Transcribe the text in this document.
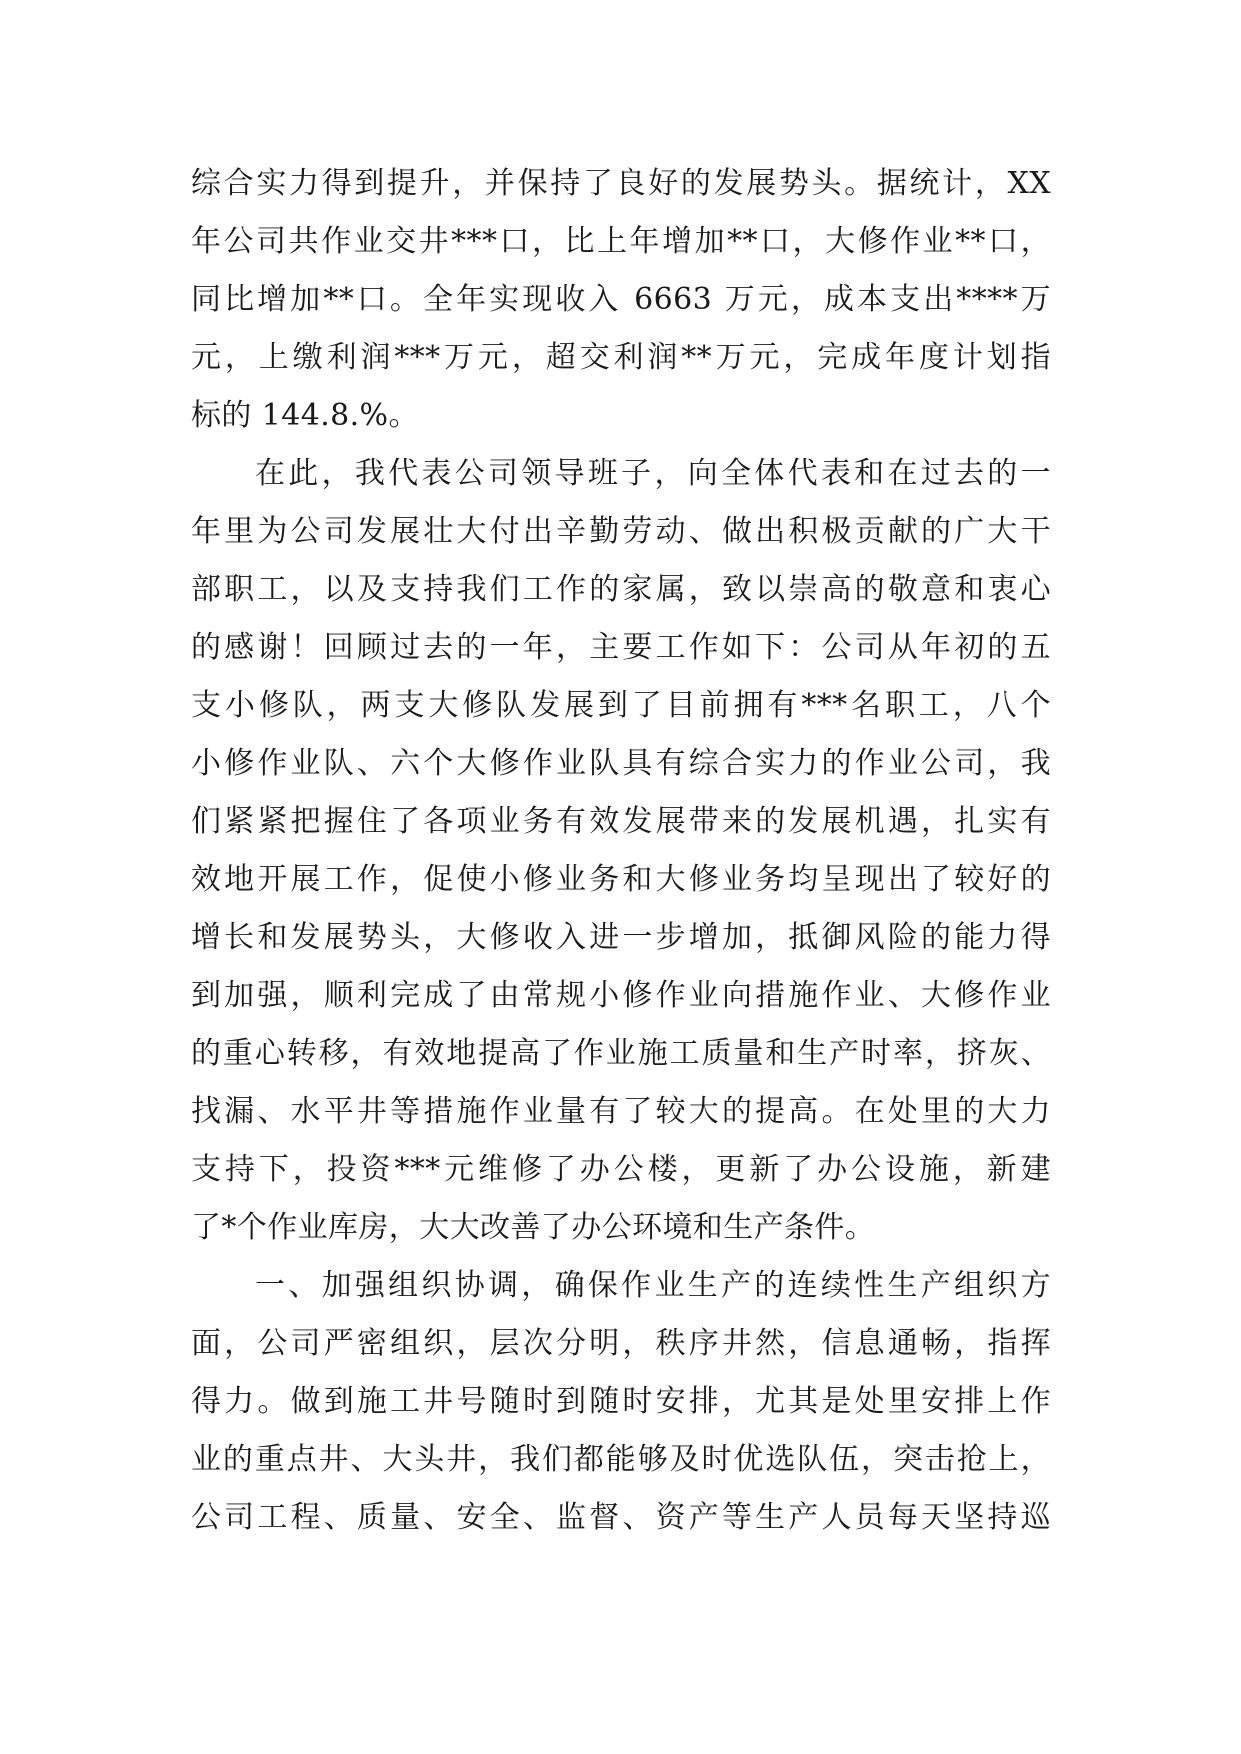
综合实力得到提升，并保持了良好的发展势头。据统计，XX
年公司共作业交井***口，比上年增加**口，大修作业**口，
同比增加**口。全年实现收入 6663 万元，成本支出****万
元，上缴利润***万元，超交利润**万元，完成年度计划指
标的 144.8.%。
在此，我代表公司领导班子，向全体代表和在过去的一
年里为公司发展壮大付出辛勤劳动、做出积极贡献的广大干
部职工，以及支持我们工作的家属，致以崇高的敬意和衷心
的感谢！回顾过去的一年，主要工作如下：公司从年初的五
支小修队，两支大修队发展到了目前拥有***名职工，八个
小修作业队、六个大修作业队具有综合实力的作业公司，我
们紧紧把握住了各项业务有效发展带来的发展机遇，扎实有
效地开展工作，促使小修业务和大修业务均呈现出了较好的
增长和发展势头，大修收入进一步增加，抵御风险的能力得
到加强，顺利完成了由常规小修作业向措施作业、大修作业
的重心转移，有效地提高了作业施工质量和生产时率，挤灰、
找漏、水平井等措施作业量有了较大的提高。在处里的大力
支持下，投资***元维修了办公楼，更新了办公设施，新建
了*个作业库房，大大改善了办公环境和生产条件。
一、加强组织协调，确保作业生产的连续性生产组织方
面，公司严密组织，层次分明，秩序井然，信息通畅，指挥
得力。做到施工井号随时到随时安排，尤其是处里安排上作
业的重点井、大头井，我们都能够及时优选队伍，突击抢上，
公司工程、质量、安全、监督、资产等生产人员每天坚持巡
